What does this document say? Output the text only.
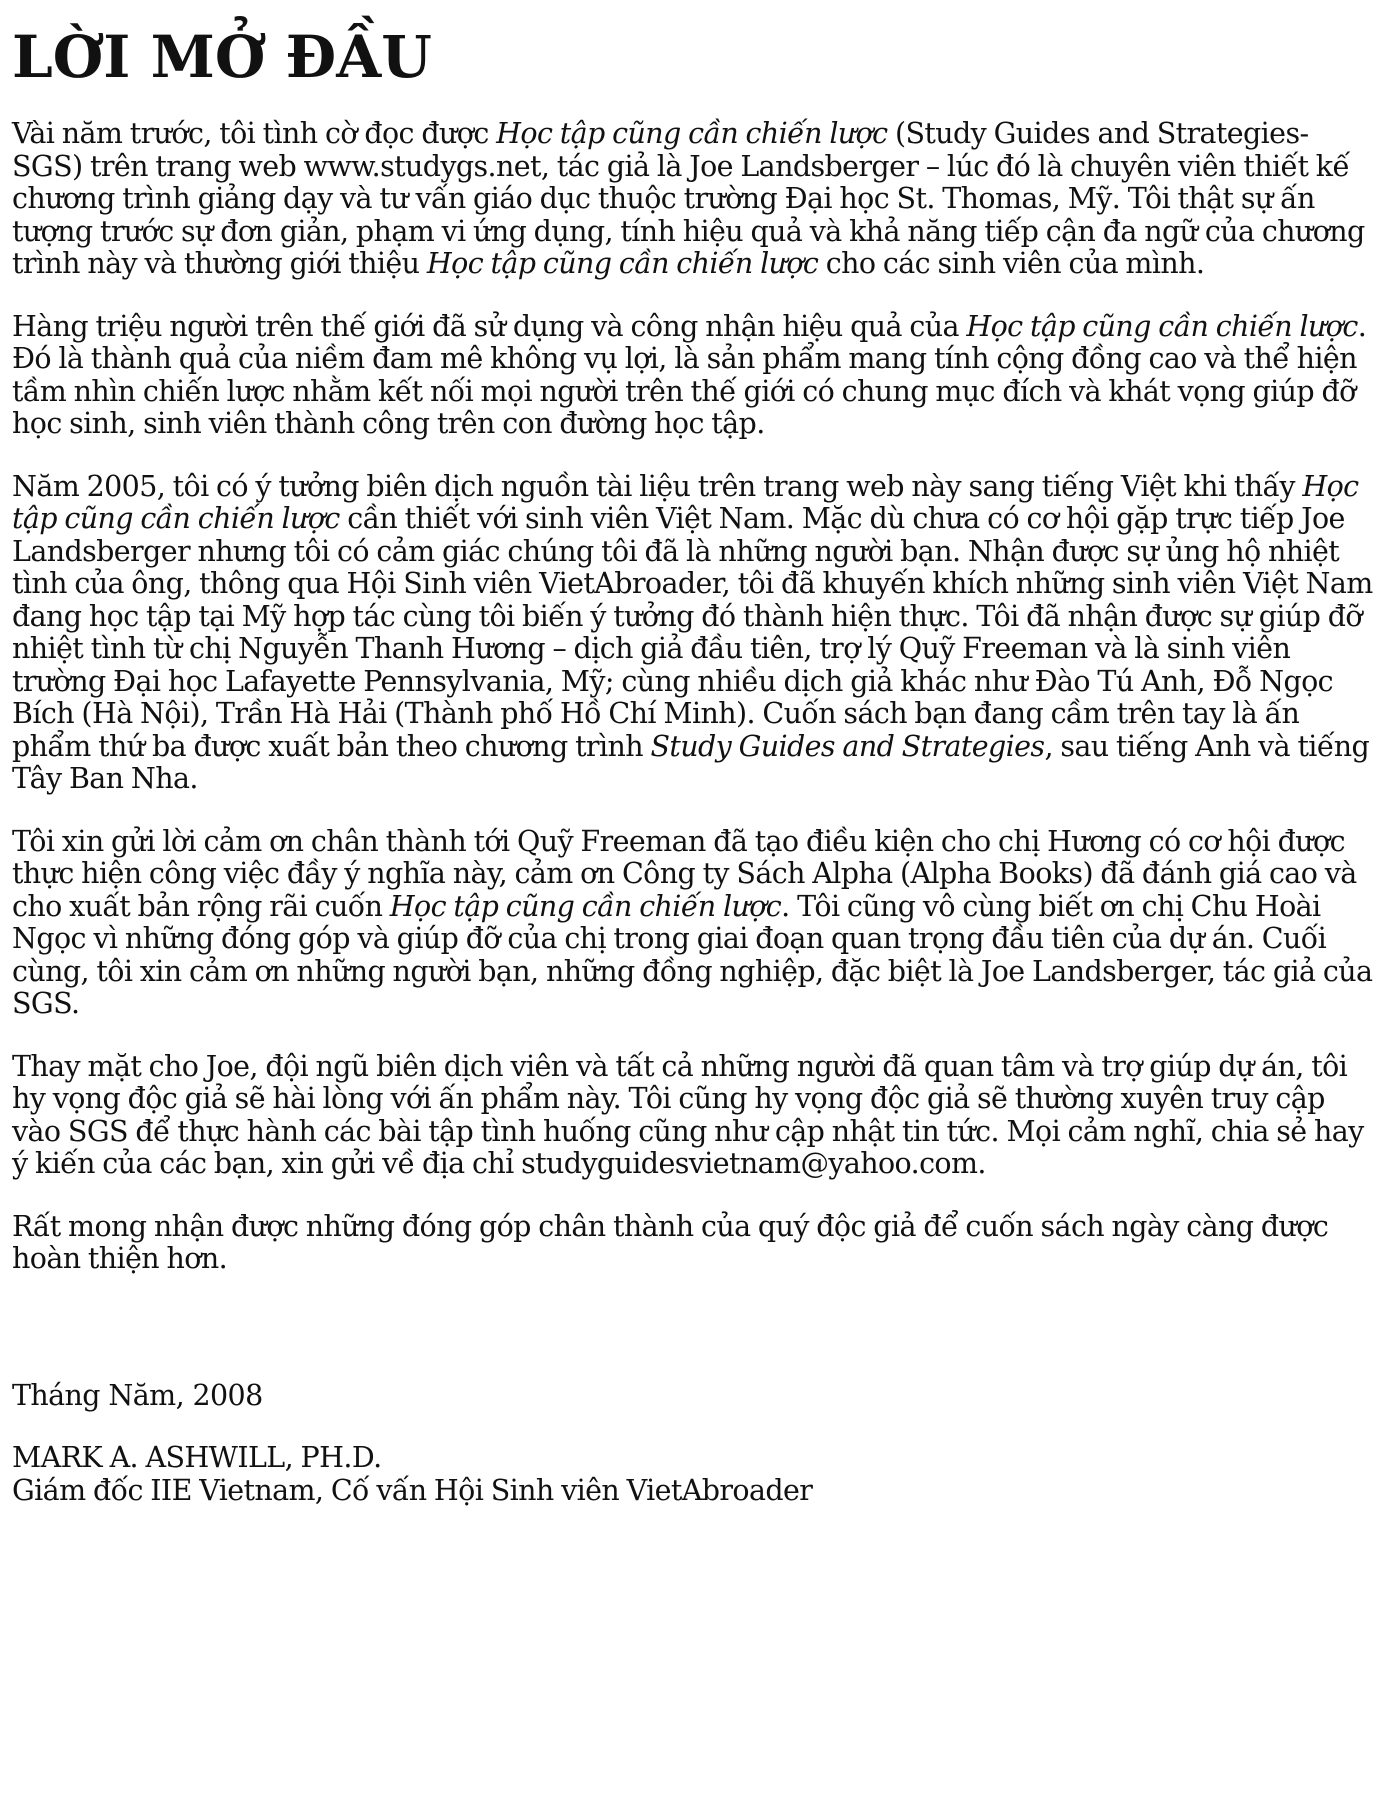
LỜI MỞ ĐẦU

Vài năm trước, tôi tình cờ đọc được Học tập cũng cần chiến lược (Study Guides and Strategies-SGS) trên trang web www.studygs.net, tác giả là Joe Landsberger – lúc đó là chuyên viên thiết kế chương trình giảng dạy và tư vấn giáo dục thuộc trường Đại học St. Thomas, Mỹ. Tôi thật sự ấn tượng trước sự đơn giản, phạm vi ứng dụng, tính hiệu quả và khả năng tiếp cận đa ngữ của chương trình này và thường giới thiệu Học tập cũng cần chiến lược cho các sinh viên của mình.

Hàng triệu người trên thế giới đã sử dụng và công nhận hiệu quả của Học tập cũng cần chiến lược. Đó là thành quả của niềm đam mê không vụ lợi, là sản phẩm mang tính cộng đồng cao và thể hiện tầm nhìn chiến lược nhằm kết nối mọi người trên thế giới có chung mục đích và khát vọng giúp đỡ học sinh, sinh viên thành công trên con đường học tập.

Năm 2005, tôi có ý tưởng biên dịch nguồn tài liệu trên trang web này sang tiếng Việt khi thấy Học tập cũng cần chiến lược cần thiết với sinh viên Việt Nam. Mặc dù chưa có cơ hội gặp trực tiếp Joe Landsberger nhưng tôi có cảm giác chúng tôi đã là những người bạn. Nhận được sự ủng hộ nhiệt tình của ông, thông qua Hội Sinh viên VietAbroader, tôi đã khuyến khích những sinh viên Việt Nam đang học tập tại Mỹ hợp tác cùng tôi biến ý tưởng đó thành hiện thực. Tôi đã nhận được sự giúp đỡ nhiệt tình từ chị Nguyễn Thanh Hương – dịch giả đầu tiên, trợ lý Quỹ Freeman và là sinh viên trường Đại học Lafayette Pennsylvania, Mỹ; cùng nhiều dịch giả khác như Đào Tú Anh, Đỗ Ngọc Bích (Hà Nội), Trần Hà Hải (Thành phố Hồ Chí Minh). Cuốn sách bạn đang cầm trên tay là ấn phẩm thứ ba được xuất bản theo chương trình Study Guides and Strategies, sau tiếng Anh và tiếng Tây Ban Nha.

Tôi xin gửi lời cảm ơn chân thành tới Quỹ Freeman đã tạo điều kiện cho chị Hương có cơ hội được thực hiện công việc đầy ý nghĩa này, cảm ơn Công ty Sách Alpha (Alpha Books) đã đánh giá cao và cho xuất bản rộng rãi cuốn Học tập cũng cần chiến lược. Tôi cũng vô cùng biết ơn chị Chu Hoài Ngọc vì những đóng góp và giúp đỡ của chị trong giai đoạn quan trọng đầu tiên của dự án. Cuối cùng, tôi xin cảm ơn những người bạn, những đồng nghiệp, đặc biệt là Joe Landsberger, tác giả của SGS.

Thay mặt cho Joe, đội ngũ biên dịch viên và tất cả những người đã quan tâm và trợ giúp dự án, tôi hy vọng độc giả sẽ hài lòng với ấn phẩm này. Tôi cũng hy vọng độc giả sẽ thường xuyên truy cập vào SGS để thực hành các bài tập tình huống cũng như cập nhật tin tức. Mọi cảm nghĩ, chia sẻ hay ý kiến của các bạn, xin gửi về địa chỉ studyguidesvietnam@yahoo.com.

Rất mong nhận được những đóng góp chân thành của quý độc giả để cuốn sách ngày càng được hoàn thiện hơn.

Tháng Năm, 2008

MARK A. ASHWILL, PH.D.

Giám đốc IIE Vietnam, Cố vấn Hội Sinh viên VietAbroader
